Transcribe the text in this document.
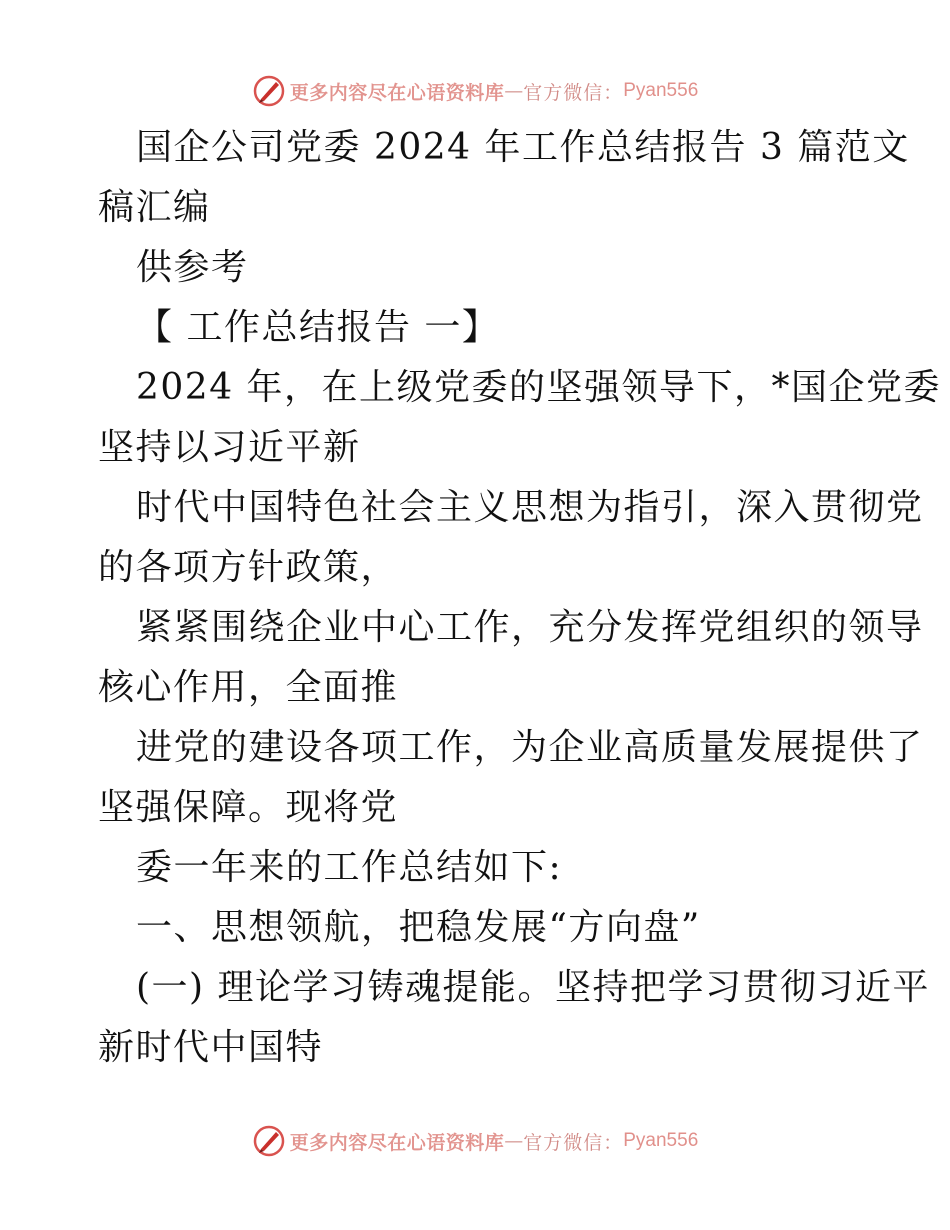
更多内容尽在心语资料库 — 官方微信： Pyan556
国企公司党委 2024 年工作总结报告 3 篇范文
稿汇编
供参考
【 工作总结报告 一】
2024 年，在上级党委的坚强领导下，*国企党委
坚持以习近平新
时代中国特色社会主义思想为指引，深入贯彻党
的各项方针政策，
紧紧围绕企业中心工作，充分发挥党组织的领导
核心作用，全面推
进党的建设各项工作，为企业高质量发展提供了
坚强保障。现将党
委一年来的工作总结如下:
一、思想领航，把稳发展“方向盘”
(一) 理论学习铸魂提能。坚持把学习贯彻习近平
新时代中国特
更多内容尽在心语资料库 — 官方微信： Pyan556
